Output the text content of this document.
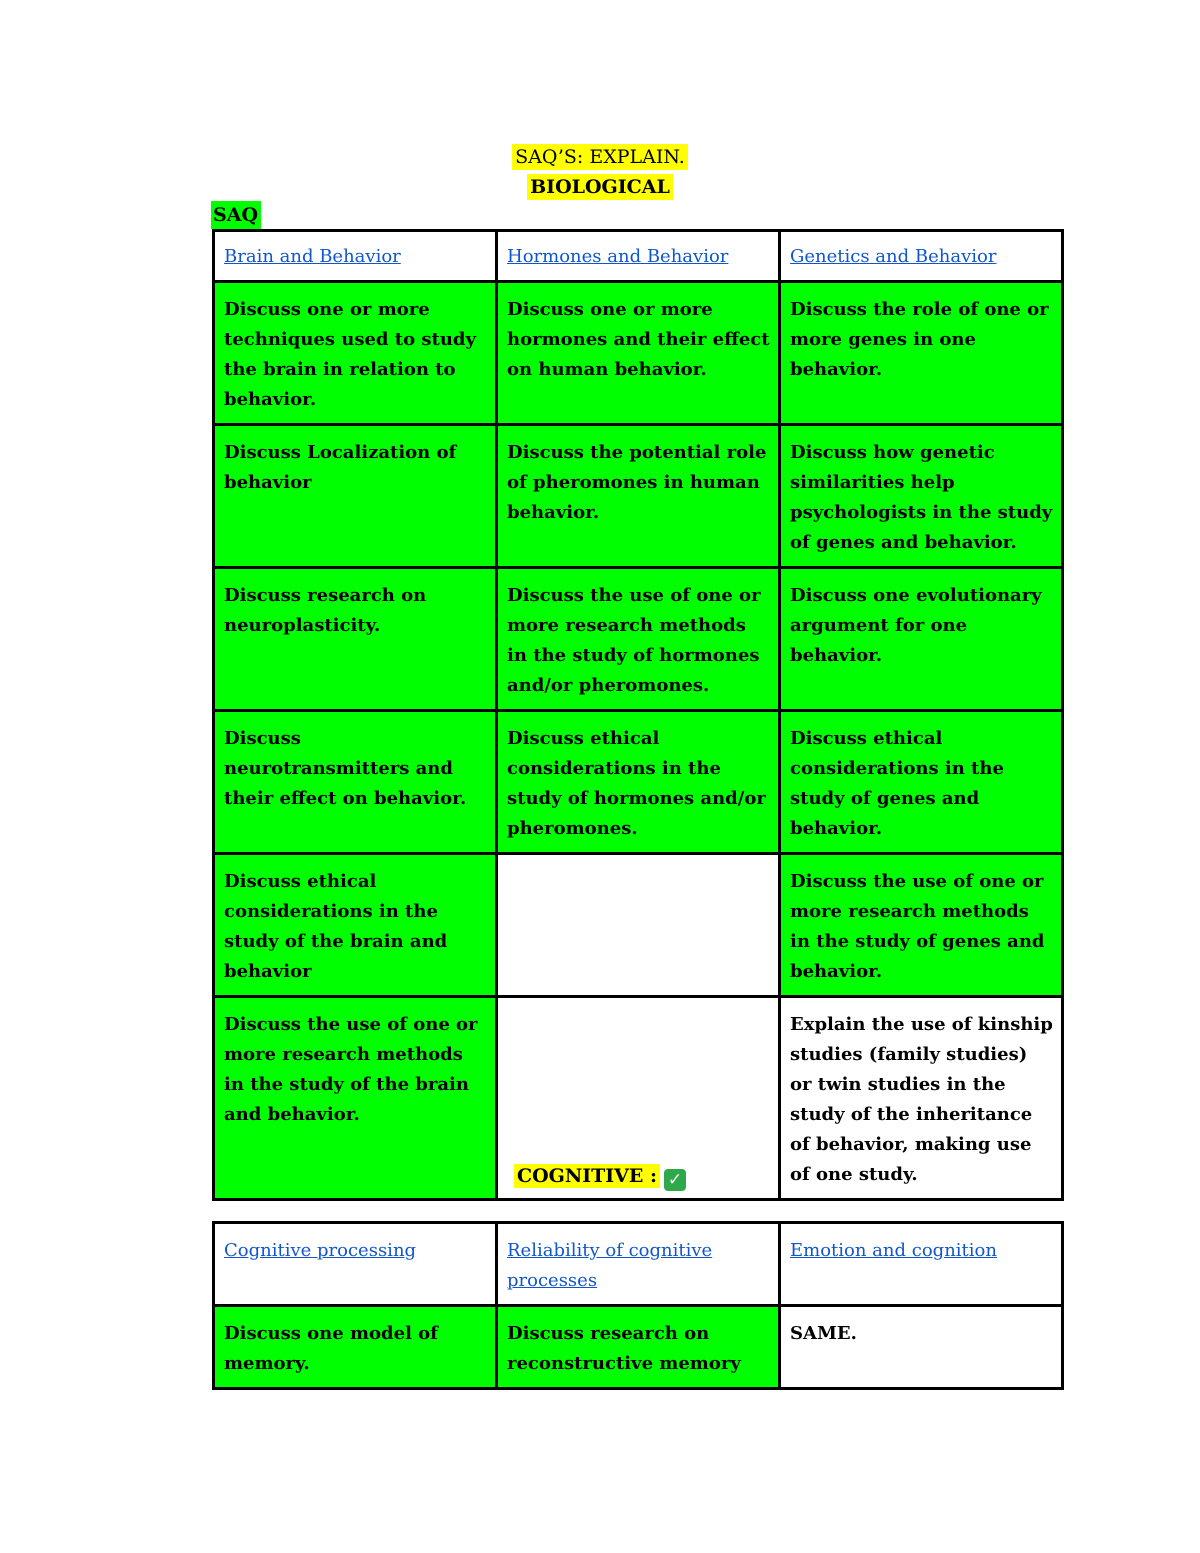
SAQ’S: EXPLAIN.
BIOLOGICAL
SAQ
Brain and Behavior	Hormones and Behavior	Genetics and Behavior
Discuss one or more techniques used to study the brain in relation to behavior.	Discuss one or more hormones and their effect on human behavior.	Discuss the role of one or more genes in one behavior.
Discuss Localization of behavior	Discuss the potential role of pheromones in human behavior.	Discuss how genetic similarities help psychologists in the study of genes and behavior.
Discuss research on neuroplasticity.	Discuss the use of one or more research methods in the study of hormones and/or pheromones.	Discuss one evolutionary argument for one behavior.
Discuss neurotransmitters and their effect on behavior.	Discuss ethical considerations in the study of hormones and/or pheromones.	Discuss ethical considerations in the study of genes and behavior.
Discuss ethical considerations in the study of the brain and behavior		Discuss the use of one or more research methods in the study of genes and behavior.
Discuss the use of one or more research methods in the study of the brain and behavior.		Explain the use of kinship studies (family studies) or twin studies in the study of the inheritance of behavior, making use of one study.
COGNITIVE : ✓
Cognitive processing	Reliability of cognitive processes	Emotion and cognition
Discuss one model of memory.	Discuss research on reconstructive memory	SAME.
